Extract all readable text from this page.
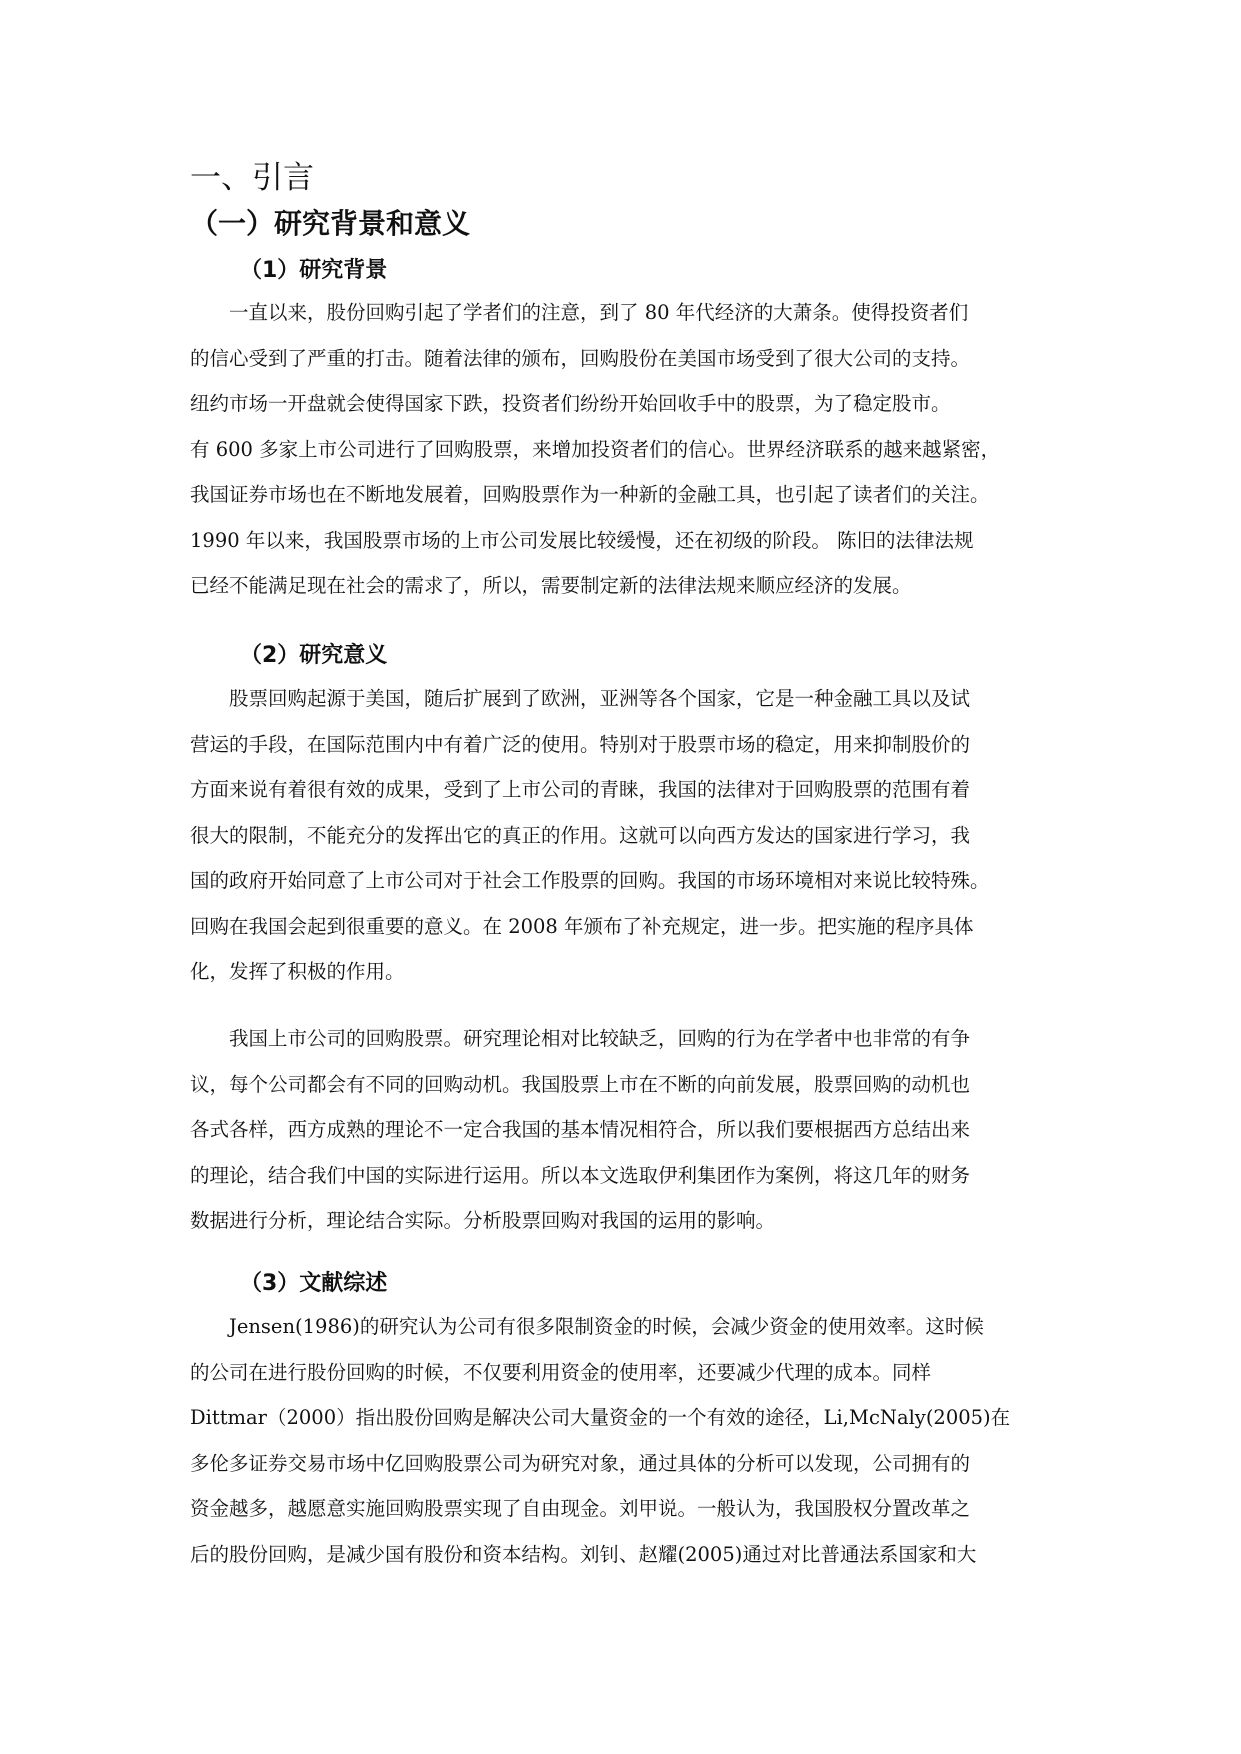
一、引言
（一）研究背景和意义
（1）研究背景
　　一直以来，股份回购引起了学者们的注意，到了 80 年代经济的大萧条。使得投资者们
的信心受到了严重的打击。随着法律的颁布，回购股份在美国市场受到了很大公司的支持。
纽约市场一开盘就会使得国家下跌，投资者们纷纷开始回收手中的股票，为了稳定股市。
有 600 多家上市公司进行了回购股票，来增加投资者们的信心。世界经济联系的越来越紧密，
我国证券市场也在不断地发展着，回购股票作为一种新的金融工具，也引起了读者们的关注。
1990 年以来，我国股票市场的上市公司发展比较缓慢，还在初级的阶段。 陈旧的法律法规
已经不能满足现在社会的需求了，所以，需要制定新的法律法规来顺应经济的发展。
（2）研究意义
　　股票回购起源于美国，随后扩展到了欧洲，亚洲等各个国家，它是一种金融工具以及试
营运的手段，在国际范围内中有着广泛的使用。特别对于股票市场的稳定，用来抑制股价的
方面来说有着很有效的成果，受到了上市公司的青睐，我国的法律对于回购股票的范围有着
很大的限制，不能充分的发挥出它的真正的作用。这就可以向西方发达的国家进行学习，我
国的政府开始同意了上市公司对于社会工作股票的回购。我国的市场环境相对来说比较特殊。
回购在我国会起到很重要的意义。在 2008 年颁布了补充规定，进一步。把实施的程序具体
化，发挥了积极的作用。
　　我国上市公司的回购股票。研究理论相对比较缺乏，回购的行为在学者中也非常的有争
议，每个公司都会有不同的回购动机。我国股票上市在不断的向前发展，股票回购的动机也
各式各样，西方成熟的理论不一定合我国的基本情况相符合，所以我们要根据西方总结出来
的理论，结合我们中国的实际进行运用。所以本文选取伊利集团作为案例，将这几年的财务
数据进行分析，理论结合实际。分析股票回购对我国的运用的影响。
（3）文献综述
　　Jensen(1986)的研究认为公司有很多限制资金的时候，会减少资金的使用效率。这时候
的公司在进行股份回购的时候，不仅要利用资金的使用率，还要减少代理的成本。同样
Dittmar（2000）指出股份回购是解决公司大量资金的一个有效的途径，Li,McNaly(2005)在
多伦多证券交易市场中亿回购股票公司为研究对象，通过具体的分析可以发现，公司拥有的
资金越多，越愿意实施回购股票实现了自由现金。刘甲说。一般认为，我国股权分置改革之
后的股份回购，是减少国有股份和资本结构。刘钊、赵耀(2005)通过对比普通法系国家和大
